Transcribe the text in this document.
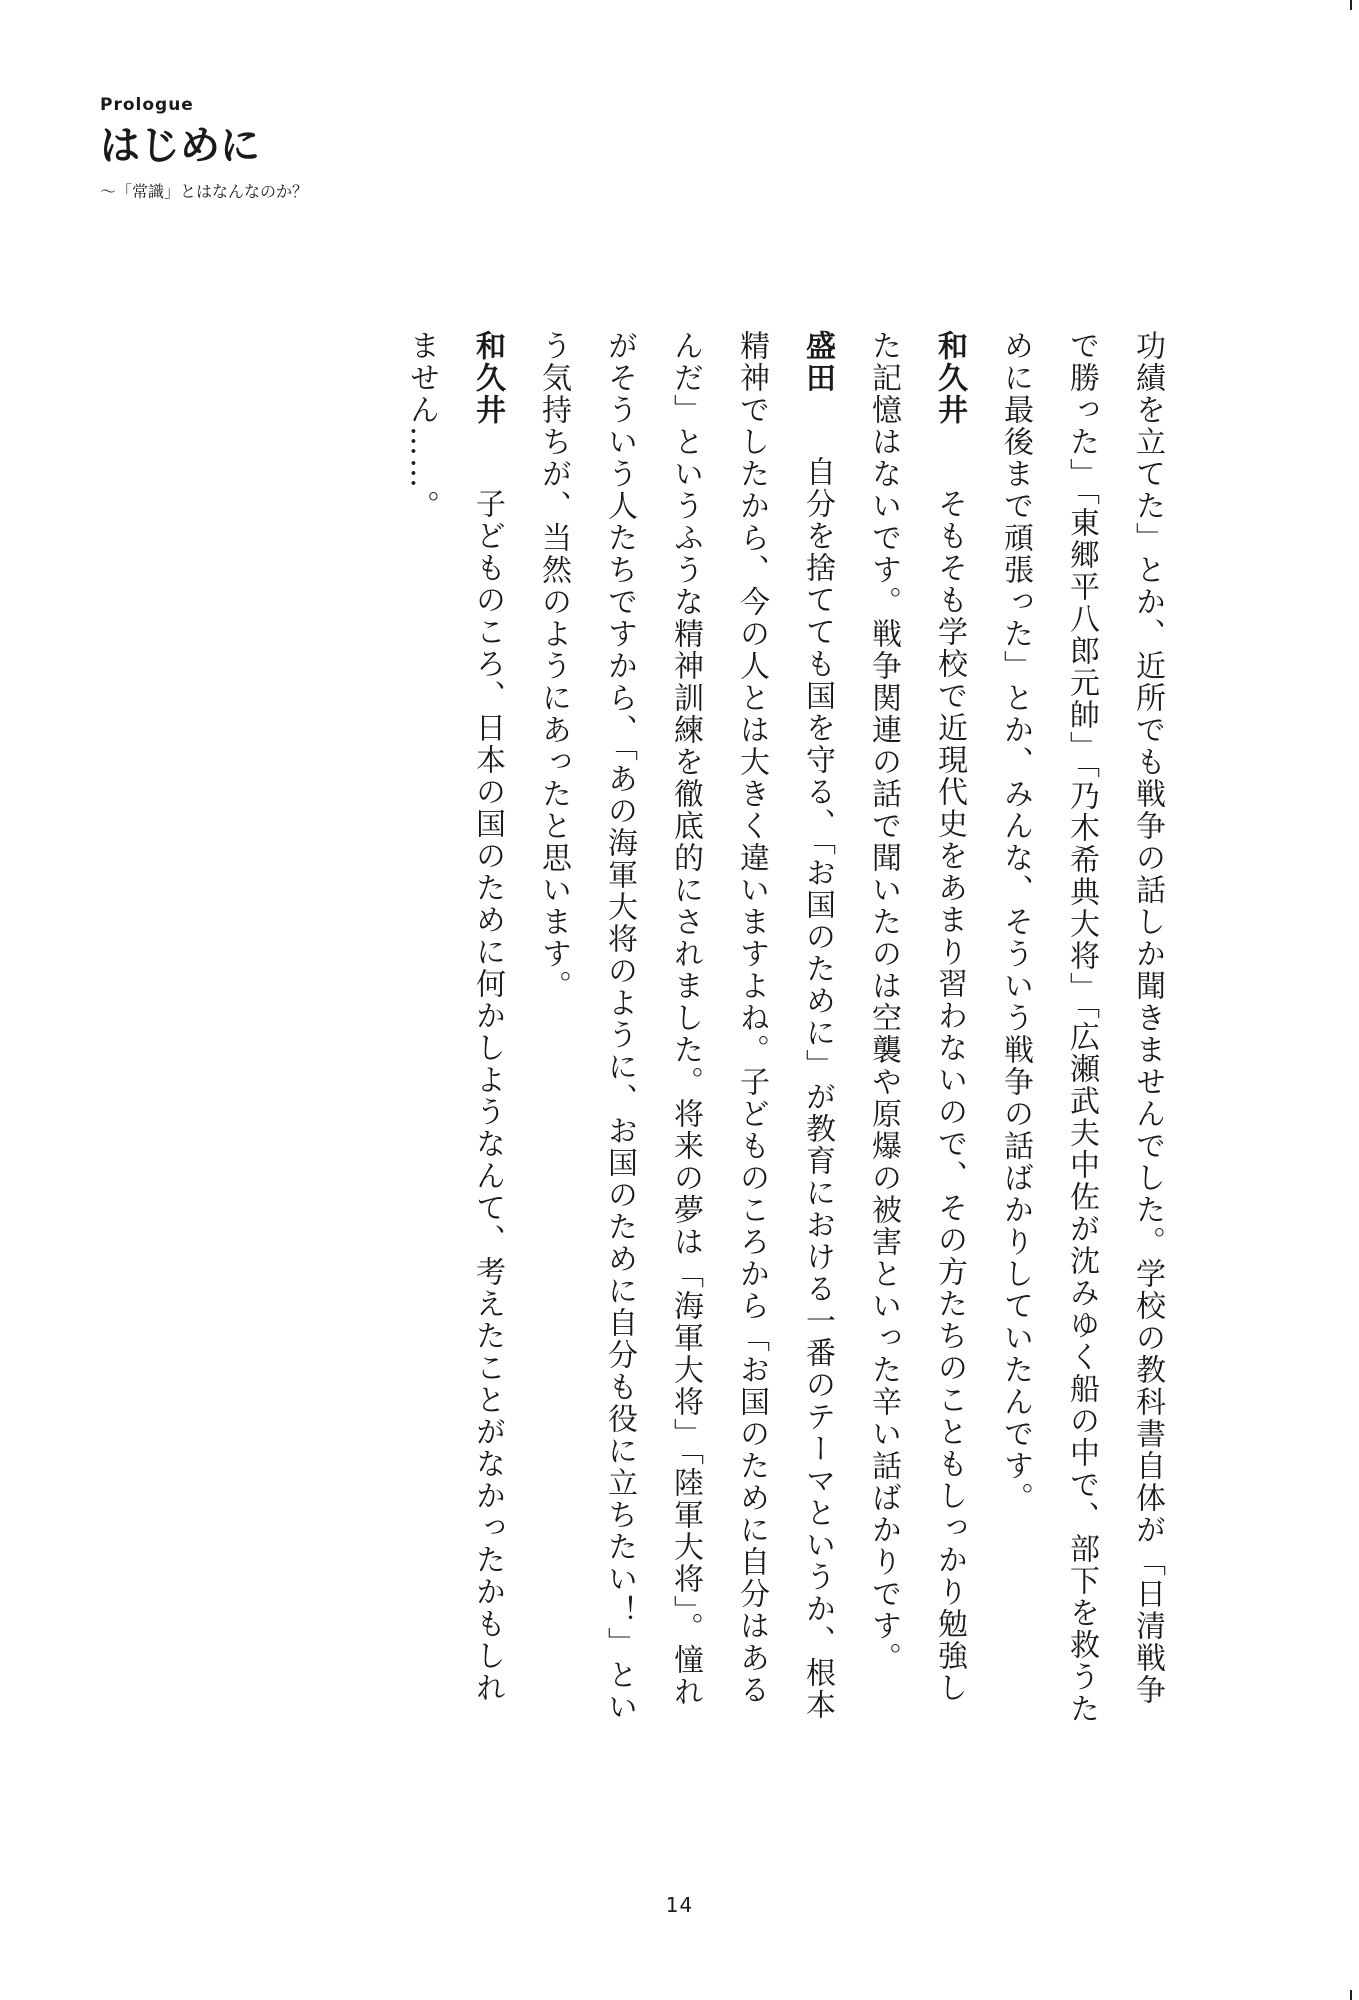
Prologue
はじめに
〜「常識」とはなんなのか？

功績を立てた」とか、近所でも戦争の話しか聞きませんでした。学校の教科書自体が「日清戦争で勝った」「東郷平八郎元帥」「乃木希典大将」「広瀬武夫中佐が沈みゆく船の中で、部下を救うために最後まで頑張った」とか、みんな、そういう戦争の話ばかりしていたんです。

和久井　そもそも学校で近現代史をあまり習わないので、その方たちのこともしっかり勉強した記憶はないです。戦争関連の話で聞いたのは空襲や原爆の被害といった辛い話ばかりです。

盛田　自分を捨てても国を守る、「お国のために」が教育における一番のテーマというか、根本精神でしたから、今の人とは大きく違いますよね。子どものころから「お国のために自分はあるんだ」というふうな精神訓練を徹底的にされました。将来の夢は「海軍大将」「陸軍大将」。憧れがそういう人たちですから、「あの海軍大将のように、お国のために自分も役に立ちたい！」という気持ちが、当然のようにあったと思います。

和久井　子どものころ、日本の国のために何かしようなんて、考えたことがなかったかもしれません……。

14
